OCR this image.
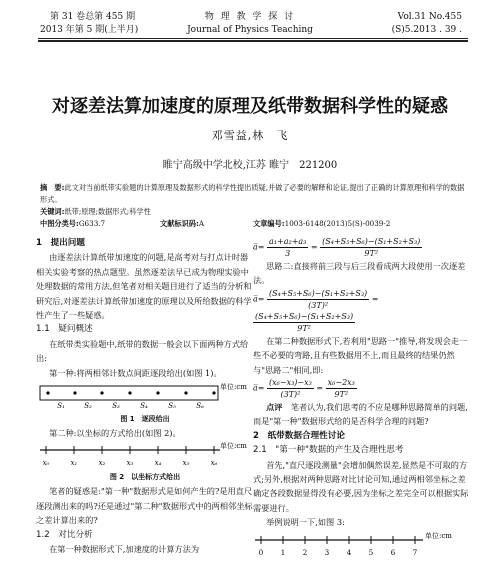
第 31 卷总第 455 期
2013 年第 5 期(上半月)
物 理 教 学 探 讨
Journal of Physics Teaching
Vol.31 No.455
(S)5.2013 . 39 .
对逐差法算加速度的原理及纸带数据科学性的疑惑
邓雪益,林　飞
睢宁高级中学北校,江苏 睢宁　221200
摘　要:此文对当前纸带实验题的计算原理及数据形式的科学性提出质疑,并做了必要的解释和论证,提出了正确的计算原理和科学的数据形式。
关键词:纸带;原理;数据形式;科学性
中图分类号:G633.7	文献标识码:A	文章编号:1003-6148(2013)5(S)-0039-2

1　提出问题

由逐差法计算纸带加速度的问题,是高考对与打点计时器相关实验考察的热点题型。虽然逐差法早已成为物理实验中处理数据的常用方法,但笔者对相关题目进行了适当的分析和研究后,对逐差法计算纸带加速度的原理以及所给数据的科学性产生了一些疑惑。

1.1　疑问概述

在纸带类实验题中,纸带的数据一般会以下面两种方式给出:

第一种:将两相邻计数点间距逐段给出(如图 1)。

S₁	S₂	S₃	S₄	S₅	S₆
单位:cm

图 1　逐段给出

第二种:以坐标的方式给出(如图 2)。

x₀	x₁	x₂	x₃	x₄	x₅	x₆
单位:cm

图 2　以坐标方式给出

笔者的疑惑是:"第一种"数据形式是如何产生的?是用直尺逐段测出来的吗?还是通过"第二种"数据形式中的两相邻坐标之差计算出来的?

1.2　对比分析

在第一种数据形式下,加速度的计算方法为

a̅= $\frac{\text{a₁+a₂+a₃}}{3} = \frac{\text{(S₄+S₅+S₆)−(S₁+S₂+S₃)}}{\text{9T²}}$

思路二:直接将前三段与后三段看成两大段使用一次逐差法。

a̅= $\frac{\text{(S₄+S₅+S₆)−(S₁+S₂+S₃)}}{\text{(3T)²}}$ =
$\frac{\text{(S₄+S₅+S₆)−(S₁+S₂+S₃)}}{\text{9T²}}$

在第二种数据形式下,若利用"思路一"推导,将发现会走一些不必要的弯路,且有些数据用不上,而且最终的结果仍然与"思路二"相同,即:

a̅= $\frac{\text{(x₆−x₃)−x₃}}{\text{(3T)²}} = \frac{\text{x₆−2x₃}}{\text{9T²}}$

点评　 笔者认为,我们思考的不应是哪种思路简单的问题,而是"第一种"数据形式给的是否科学合理的问题?

2　纸带数据合理性讨论

2.1　"第一种"数据的产生及合理性思考

首先,"直尺逐段测量"会增加偶然误差,显然是不可取的方式;另外,根据对两种思路对比讨论可知,通过两相邻坐标之差确定各段数据显得没有必要,因为坐标之差完全可以根据实际需要进行。

举例说明一下,如图 3:

0	1	2	3	4	5	6	7
单位:cm
